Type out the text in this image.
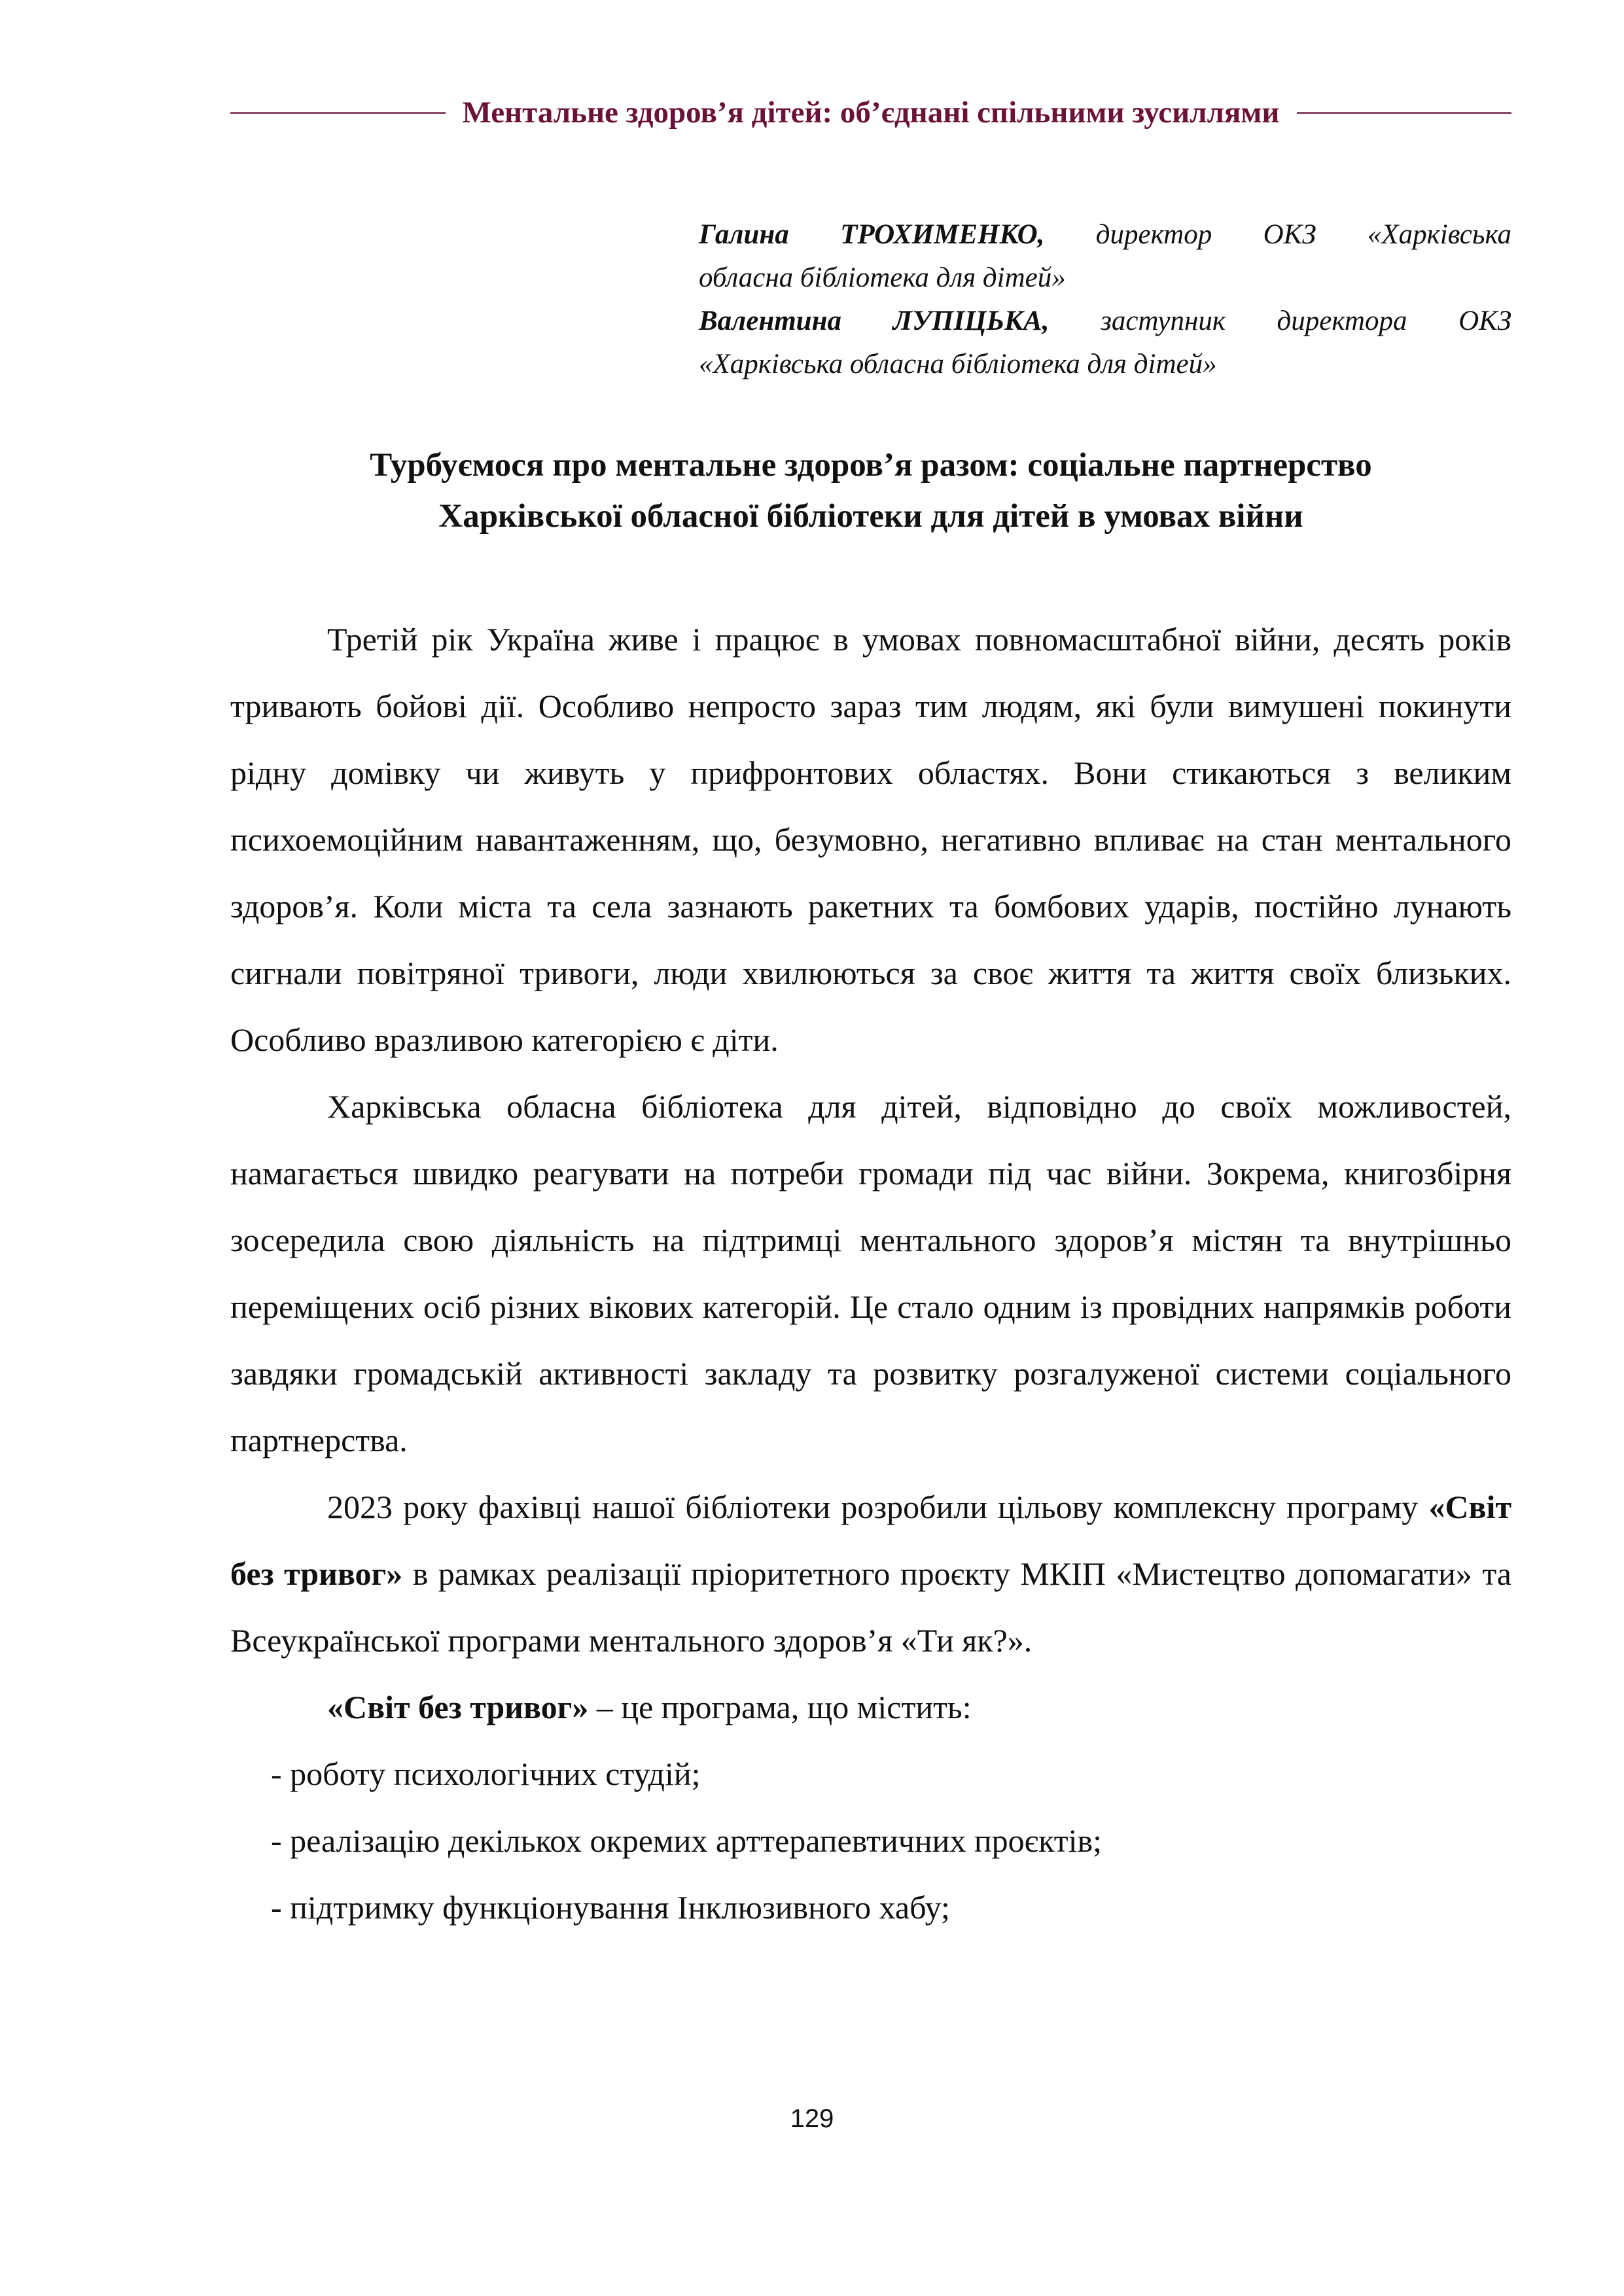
Ментальне здоров’я дітей: об’єднані спільними зусиллями
Галина ТРОХИМЕНКО, директор ОКЗ «Харківська
обласна бібліотека для дітей»
Валентина ЛУПІЦЬКА, заступник директора ОКЗ
«Харківська обласна бібліотека для дітей»
Турбуємося про ментальне здоров’я разом: соціальне партнерство
Харківської обласної бібліотеки для дітей в умовах війни

Третій рік Україна живе і працює в умовах повномасштабної війни, десять років тривають бойові дії. Особливо непросто зараз тим людям, які були вимушені покинути рідну домівку чи живуть у прифронтових областях. Вони стикаються з великим психоемоційним навантаженням, що, безумовно, негативно впливає на стан ментального здоров’я. Коли міста та села зазнають ракетних та бомбових ударів, постійно лунають сигнали повітряної тривоги, люди хвилюються за своє життя та життя своїх близьких. Особливо вразливою категорією є діти.

Харківська обласна бібліотека для дітей, відповідно до своїх можливостей, намагається швидко реагувати на потреби громади під час війни. Зокрема, книгозбірня зосередила свою діяльність на підтримці ментального здоров’я містян та внутрішньо переміщених осіб різних вікових категорій. Це стало одним із провідних напрямків роботи завдяки громадській активності закладу та розвитку розгалуженої системи соціального партнерства.

2023 року фахівці нашої бібліотеки розробили цільову комплексну програму «Світ без тривог» в рамках реалізації пріоритетного проєкту МКІП «Мистецтво допомагати» та Всеукраїнської програми ментального здоров’я «Ти як?».

«Світ без тривог» – це програма, що містить:

- роботу психологічних студій;
- реалізацію декількох окремих арттерапевтичних проєктів;
- підтримку функціонування Інклюзивного хабу;
129
